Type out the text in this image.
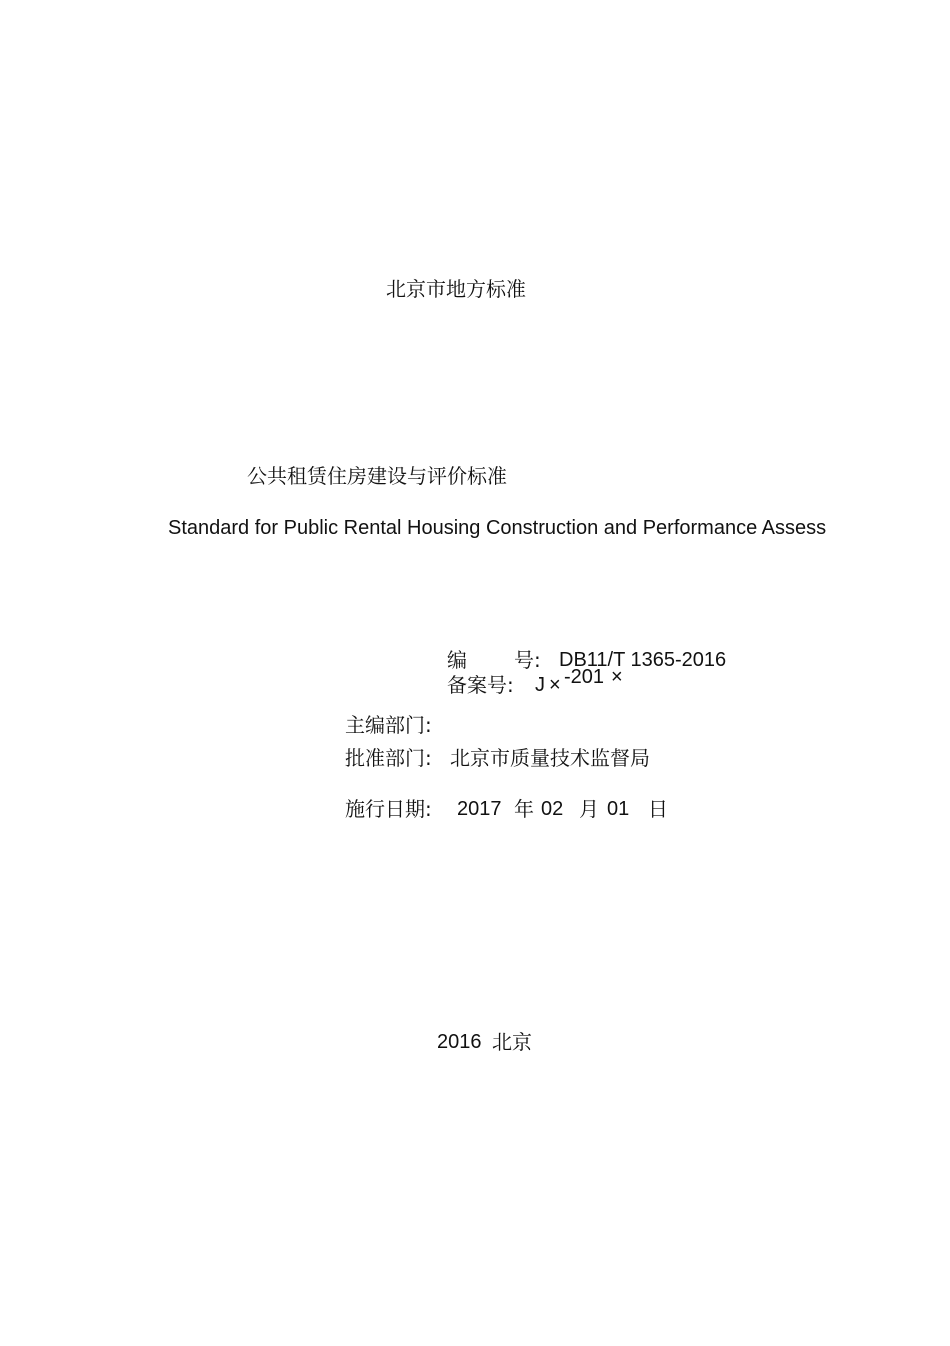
北京市地方标准
公共租赁住房建设与评价标准
Standard for Public Rental Housing Construction and Performance Assess
编 号: DB11/T 1365-2016
备案号: J × -201 ×
主编部门:
批准部门: 北京市质量技术监督局
施行日期: 2017 年 02 月 01 日
2016 北京
